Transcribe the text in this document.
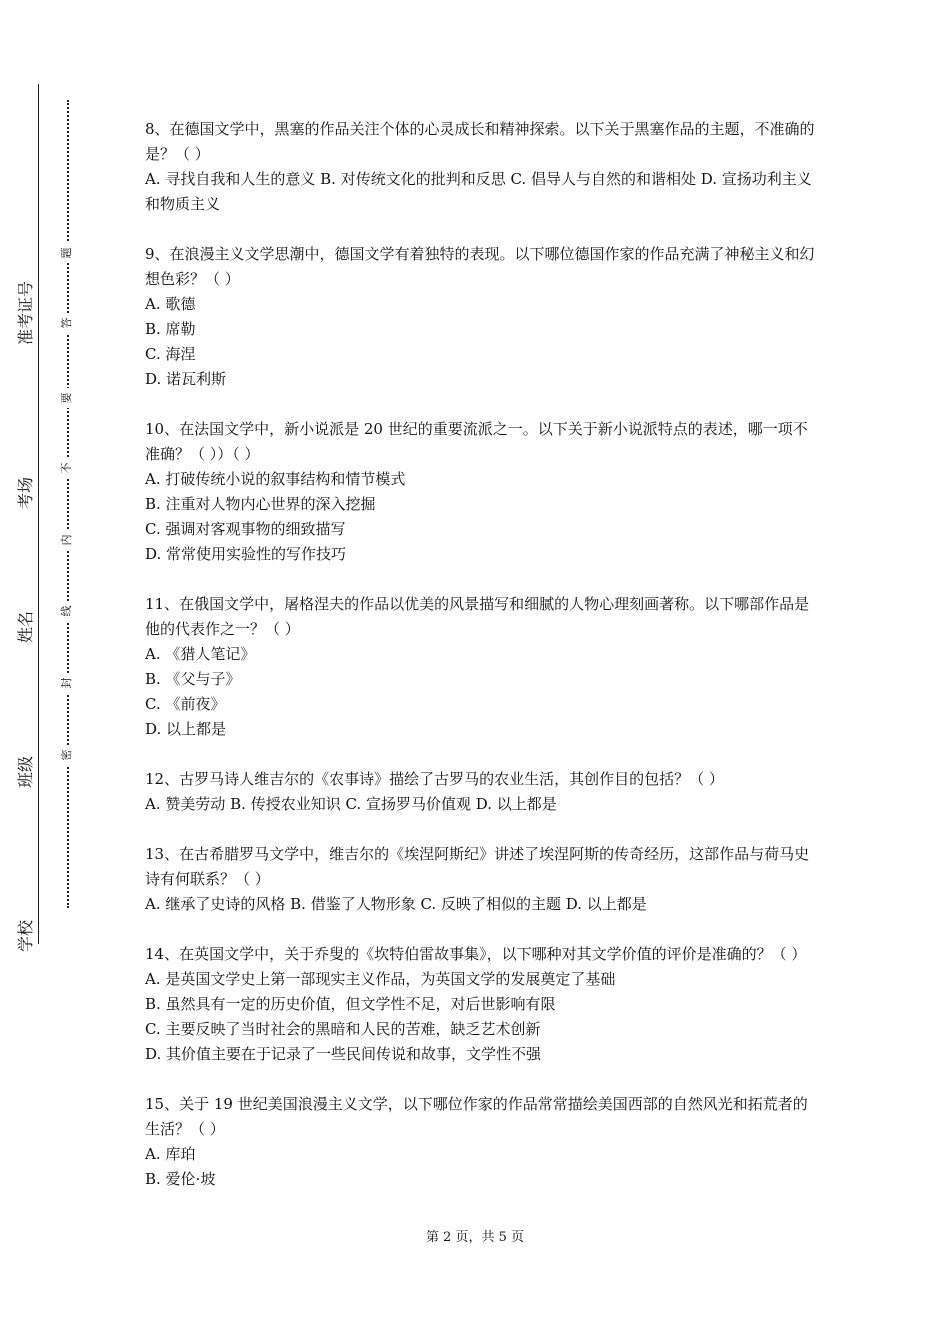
准考证号
考场
姓名
班级
学校
题
答
要
不
内
线
封
密

8、在德国文学中，黑塞的作品关注个体的心灵成长和精神探索。以下关于黑塞作品的主题，不准确的是？（ ）

A. 寻找自我和人生的意义 B. 对传统文化的批判和反思 C. 倡导人与自然的和谐相处 D. 宣扬功利主义和物质主义

9、在浪漫主义文学思潮中，德国文学有着独特的表现。以下哪位德国作家的作品充满了神秘主义和幻想色彩？（ ）

A. 歌德

B. 席勒

C. 海涅

D. 诺瓦利斯

10、在法国文学中，新小说派是 20 世纪的重要流派之一。以下关于新小说派特点的表述，哪一项不准确？（ ））（ ）

A. 打破传统小说的叙事结构和情节模式

B. 注重对人物内心世界的深入挖掘

C. 强调对客观事物的细致描写

D. 常常使用实验性的写作技巧

11、在俄国文学中，屠格涅夫的作品以优美的风景描写和细腻的人物心理刻画著称。以下哪部作品是他的代表作之一？（ ）

A. 《猎人笔记》

B. 《父与子》

C. 《前夜》

D. 以上都是

12、古罗马诗人维吉尔的《农事诗》描绘了古罗马的农业生活，其创作目的包括？（ ）

A. 赞美劳动 B. 传授农业知识 C. 宣扬罗马价值观 D. 以上都是

13、在古希腊罗马文学中，维吉尔的《埃涅阿斯纪》讲述了埃涅阿斯的传奇经历，这部作品与荷马史诗有何联系？（ ）

A. 继承了史诗的风格 B. 借鉴了人物形象 C. 反映了相似的主题 D. 以上都是

14、在英国文学中，关于乔叟的《坎特伯雷故事集》，以下哪种对其文学价值的评价是准确的？（ ）

A. 是英国文学史上第一部现实主义作品，为英国文学的发展奠定了基础

B. 虽然具有一定的历史价值，但文学性不足，对后世影响有限

C. 主要反映了当时社会的黑暗和人民的苦难，缺乏艺术创新

D. 其价值主要在于记录了一些民间传说和故事，文学性不强

15、关于 19 世纪美国浪漫主义文学，以下哪位作家的作品常常描绘美国西部的自然风光和拓荒者的生活？（ ）

A. 库珀

B. 爱伦·坡

第 2 页，共 5 页
